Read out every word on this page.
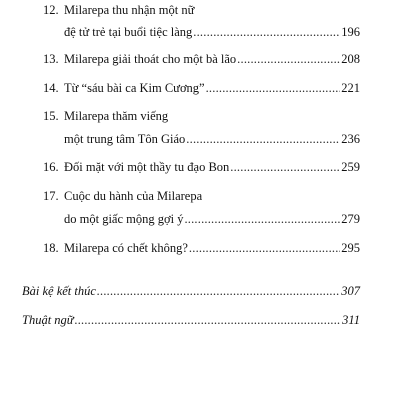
12. Milarepa thu nhận một nữ
đệ tử trẻ tại buổi tiệc làng .....	196
13. Milarepa giải thoát cho một bà lão .....	208
14. Từ “sáu bài ca Kim Cương” .....	221
15. Milarepa thăm viếng
một trung tâm Tôn Giáo .....	236
16. Đối mặt với một thầy tu đạo Bon .....	259
17. Cuộc du hành của Milarepa
do một giấc mộng gợi ý .....	279
18. Milarepa có chết không? .....	295
Bài kệ kết thúc .....	307
Thuật ngữ .....	311
